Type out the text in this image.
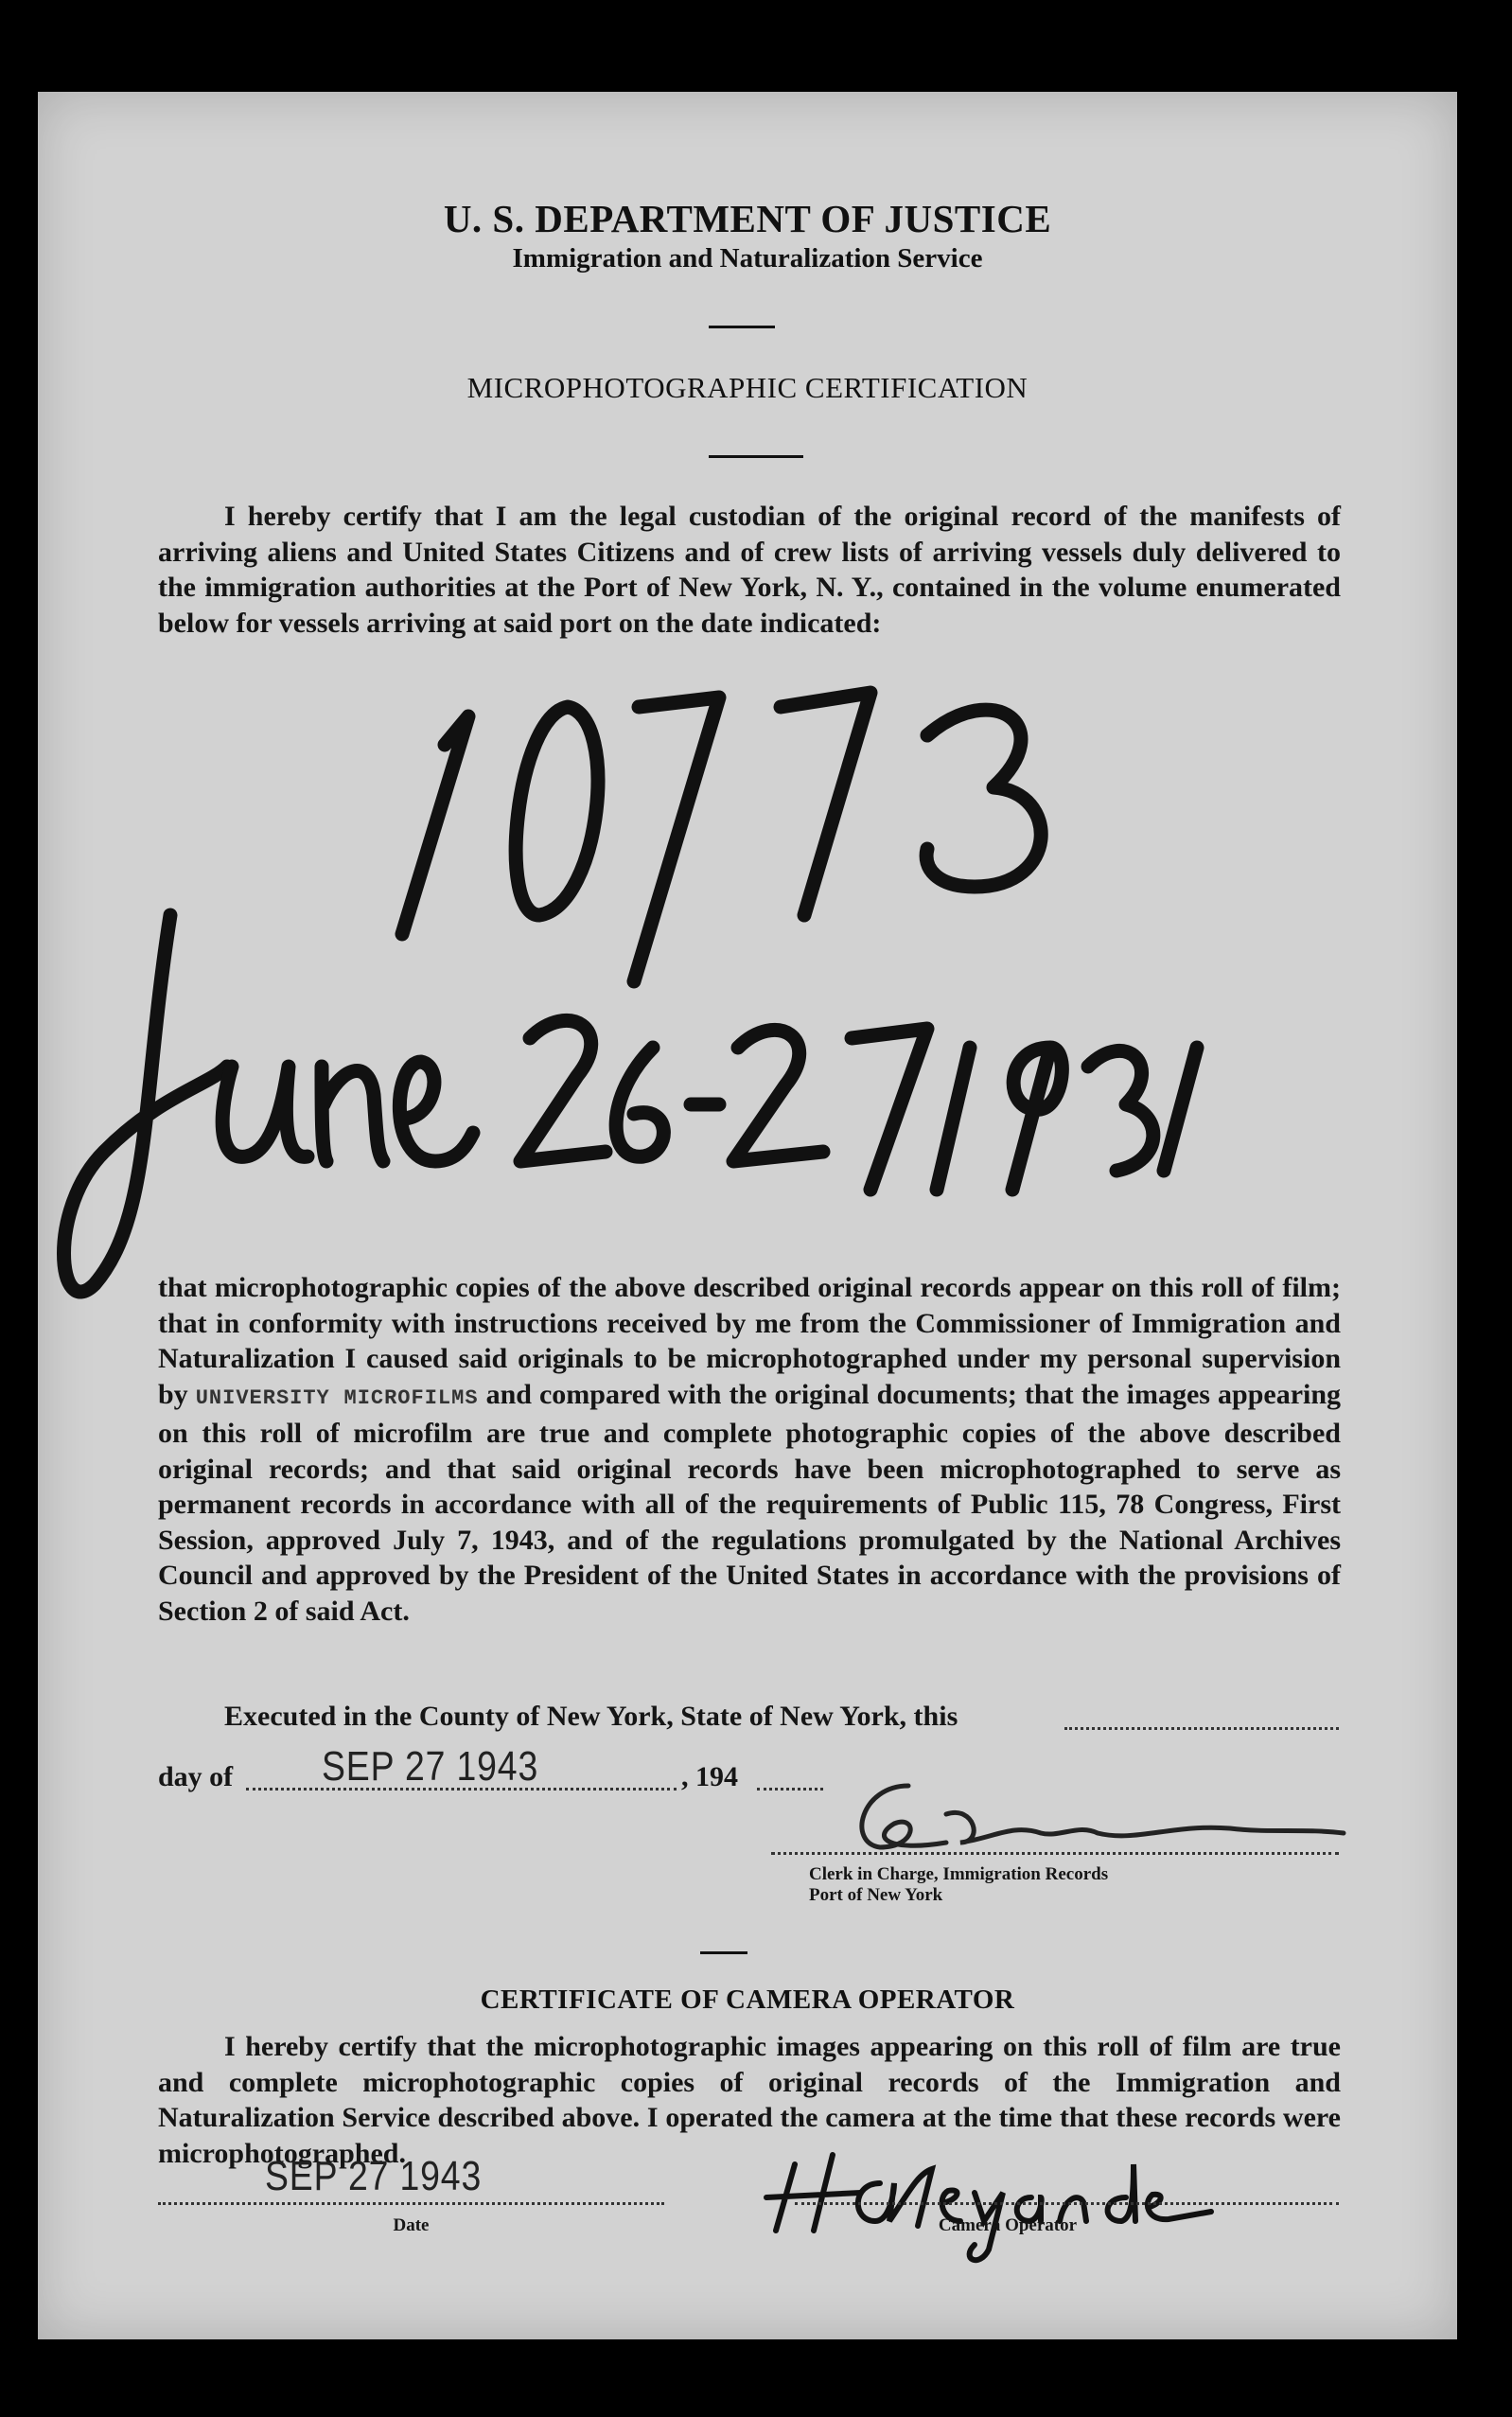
U. S. DEPARTMENT OF JUSTICE
Immigration and Naturalization Service
MICROPHOTOGRAPHIC CERTIFICATION
I hereby certify that I am the legal custodian of the original record of the manifests of arriving aliens and United States Citizens and of crew lists of arriving vessels duly delivered to the immigration authorities at the Port of New York, N. Y., contained in the volume enumerated below for vessels arriving at said port on the date indicated:
that microphotographic copies of the above described original records appear on this roll of film; that in conformity with instructions received by me from the Commissioner of Immigration and Naturalization I caused said originals to be microphotographed under my personal supervision by UNIVERSITY MICROFILMS and compared with the original documents; that the images appearing on this roll of microfilm are true and complete photographic copies of the above described original records; and that said original records have been microphotographed to serve as permanent records in accordance with all of the requirements of Public 115, 78 Congress, First Session, approved July 7, 1943, and of the regulations promulgated by the National Archives Council and approved by the President of the United States in accordance with the provisions of Section 2 of said Act.
Executed in the County of New York, State of New York, this
day of SEP 27 1943	, 194
Clerk in Charge, Immigration Records
Port of New York
CERTIFICATE OF CAMERA OPERATOR
I hereby certify that the microphotographic images appearing on this roll of film are true and complete microphotographic copies of original records of the Immigration and Naturalization Service described above. I operated the camera at the time that these records were microphotographed.
SEP 27 1943
Date	Camera Operator
